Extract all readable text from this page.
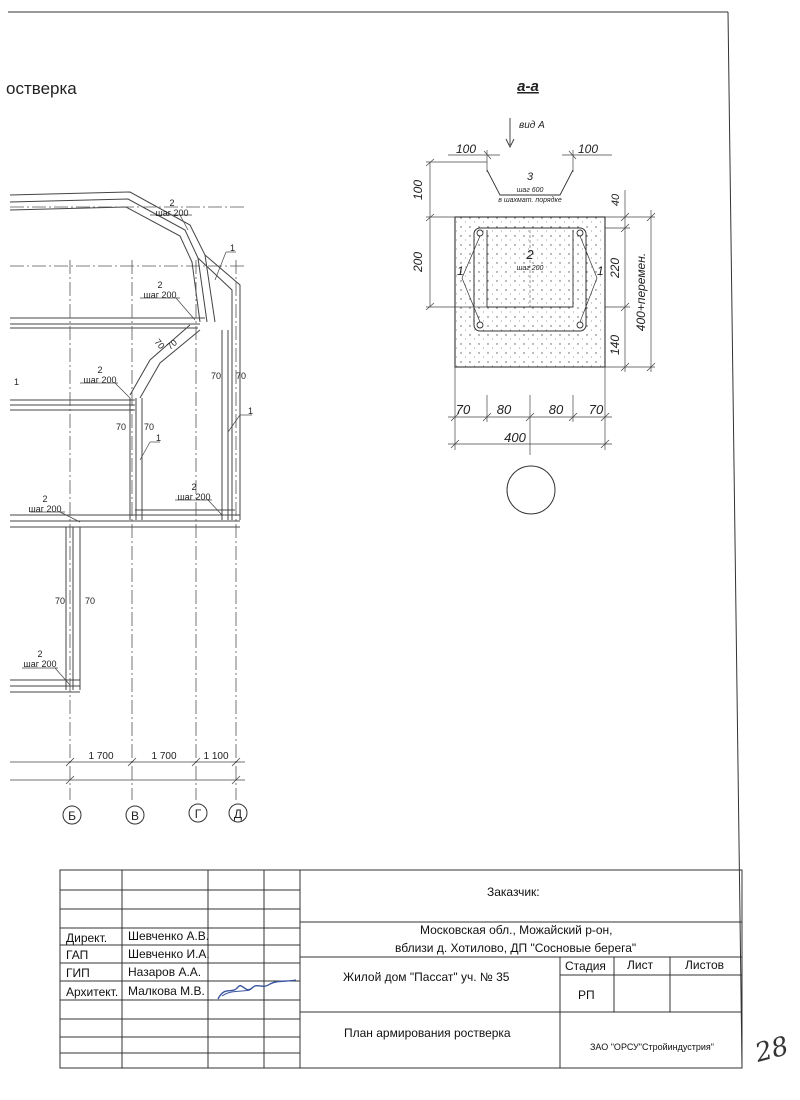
остверка
1 700	1 700	1 100
Б	В	Г	Д
2
шаг 200
2
шаг 200
2
шаг 200
2
шаг 200
2
шаг 200
2
шаг 200
1
1
1
1
70
70
70 70
70 70
70 70
а-а
вид А
3
шаг 600
в шахмат. порядке
2
шаг 200
1	1
100	100
100
200
40
220
140
400+перемен.
70 80	80 70
400
28
Директ. Шевченко А.В.
ГАП	Шевченко И.А.
ГИП	Назаров А.А.
Архитект. Малкова М.В.
Заказчик:
Московская обл., Можайский р-он,
вблизи д. Хотилово, ДП "Сосновые берега"
Жилой дом "Пассат" уч. № 35
Стадия Лист	Листов
РП
План армирования ростверка
ЗАО "ОРСУ"Стройиндустрия"
